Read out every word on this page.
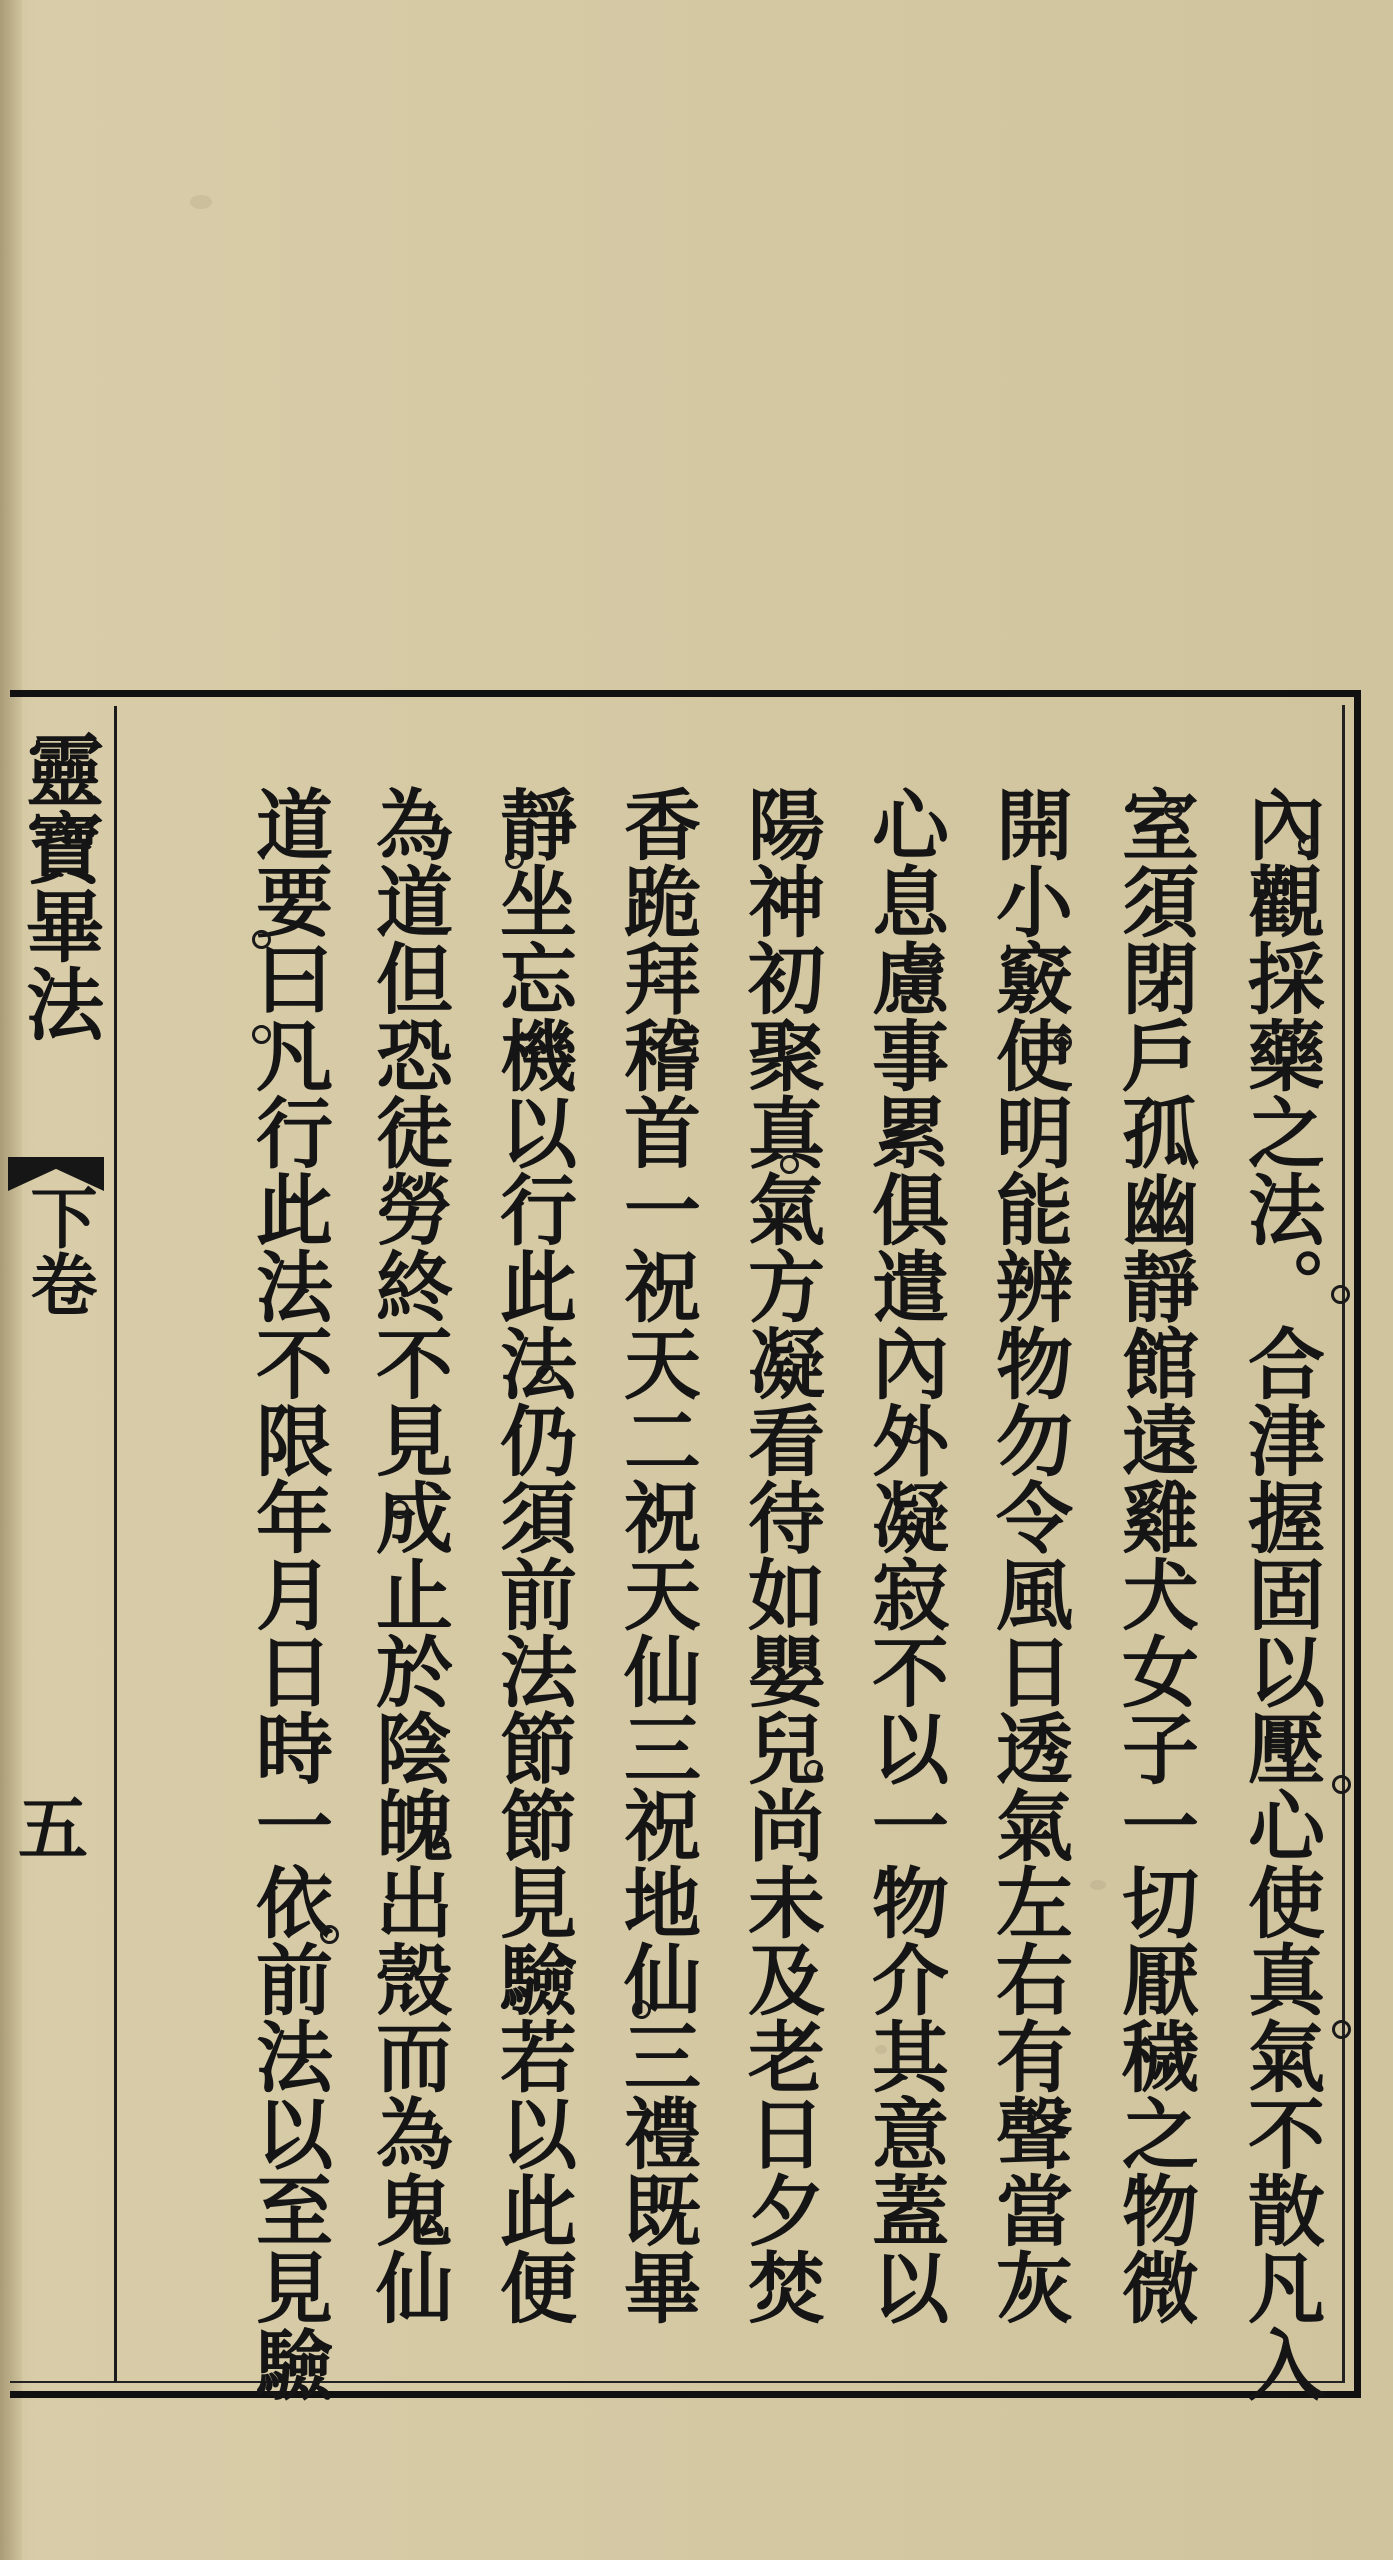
靈寶畢法
下卷
五	內觀採藥之法。合津握固以壓心使真氣不散凡入
室須閉戶孤幽靜館遠雞犬女子一切厭穢之物微
開小竅使明能辨物勿令風日透氣左右有聲當灰
心息慮事累俱遣內外凝寂不以一物介其意蓋以
陽神初聚真氣方凝看待如嬰兒尚未及老日夕焚
香跪拜稽首一祝天二祝天仙三祝地仙三禮既畢
靜坐忘機以行此法仍須前法節節見驗若以此便
為道但恐徒勞終不見成止於陰魄出殼而為鬼仙
道要曰凡行此法不限年月日時一依前法以至見驗
